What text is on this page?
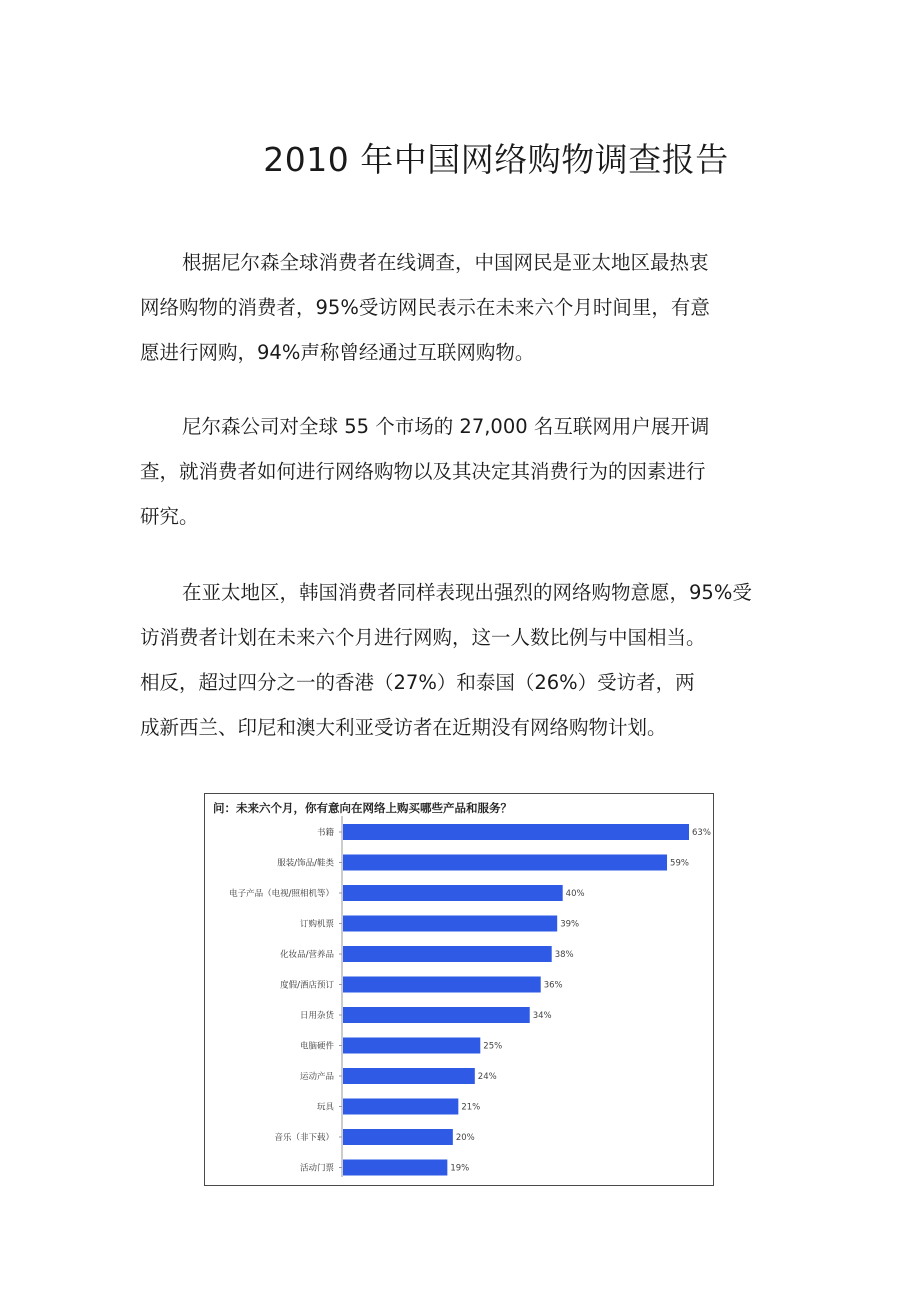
2010 年中国网络购物调查报告
根据尼尔森全球消费者在线调查，中国网民是亚太地区最热衷
网络购物的消费者，95%受访网民表示在未来六个月时间里，有意
愿进行网购，94%声称曾经通过互联网购物。
尼尔森公司对全球 55 个市场的 27,000 名互联网用户展开调
查，就消费者如何进行网络购物以及其决定其消费行为的因素进行
研究。
在亚太地区，韩国消费者同样表现出强烈的网络购物意愿，95%受
访消费者计划在未来六个月进行网购，这一人数比例与中国相当。
相反，超过四分之一的香港（27%）和泰国（26%）受访者，两
成新西兰、印尼和澳大利亚受访者在近期没有网络购物计划。
问：未来六个月，你有意向在网络上购买哪些产品和服务？
书籍	63%
服装/饰品/鞋类	59%
电子产品（电视/照相机等）	40%
订购机票	39%
化妆品/营养品	38%
度假/酒店预订	36%
日用杂货	34%
电脑硬件	25%
运动产品	24%
玩具	21%
音乐（非下载）	20%
活动门票	19%
